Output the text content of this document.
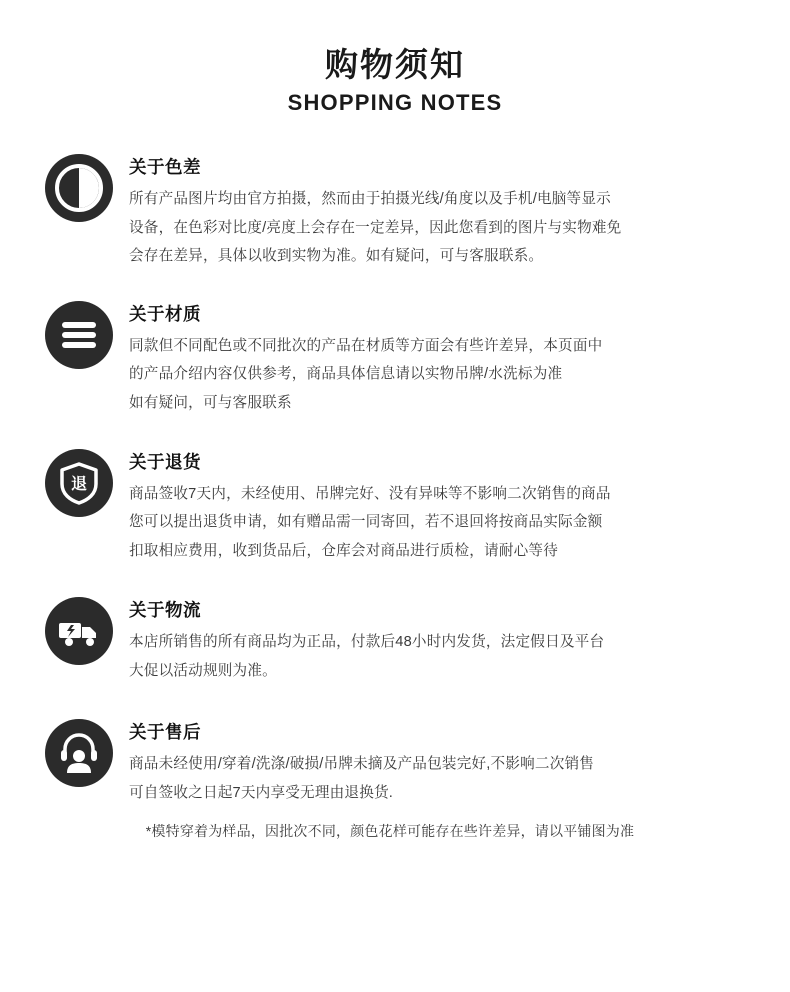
购物须知
SHOPPING NOTES
关于色差
所有产品图片均由官方拍摄，然而由于拍摄光线/角度以及手机/电脑等显示
设备，在色彩对比度/亮度上会存在一定差异，因此您看到的图片与实物难免
会存在差异，具体以收到实物为准。如有疑问，可与客服联系。
关于材质
同款但不同配色或不同批次的产品在材质等方面会有些许差异，本页面中
的产品介绍内容仅供参考，商品具体信息请以实物吊牌/水洗标为准
如有疑问，可与客服联系
退
关于退货
商品签收7天内，未经使用、吊牌完好、没有异味等不影响二次销售的商品
您可以提出退货申请，如有赠品需一同寄回，若不退回将按商品实际金额
扣取相应费用，收到货品后，仓库会对商品进行质检，请耐心等待
关于物流
本店所销售的所有商品均为正品，付款后48小时内发货，法定假日及平台
大促以活动规则为准。
关于售后
商品未经使用/穿着/洗涤/破损/吊牌未摘及产品包装完好,不影响二次销售
可自签收之日起7天内享受无理由退换货.
*模特穿着为样品，因批次不同，颜色花样可能存在些许差异，请以平铺图为准
